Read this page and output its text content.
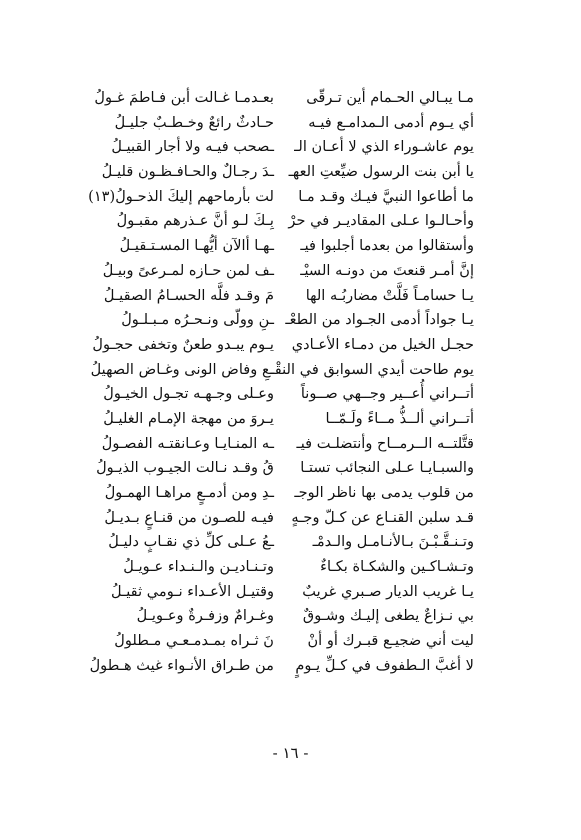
مـا يبـالي الحـمام أين تـرقّى
أي يـوم أدمى الـمدامـع فيـه
يوم عاشـوراء الذي لا أعـان الـ
يا أبن بنت الرسول ضيِّعتِ العهـ
ما أطاعوا النبيَّ فيـك وقـد مـا
وأحـالـوا عـلى المقاديـر في حرْ
وأستقالوا من بعدما أجلبوا فيـ
إنَّ أمـر قنعتَ من دونـه السيْـ
يـا حسامـاً فَلَّتْ مضاربُـه الها
يـا جواداً أدمى الجـواد من الطعْـ
حجـل الخيل من دمـاء الأعـادي
يوم طاحت أيدي السوابق في النقْـ
أتــراني أُعــير وجــهي صــوناً
أتــراني ألــذُّ مــاءً ولَـمّــا
قتَّلتــه الــرمــاح وأنتضلـت فيـ
والسبـايـا عـلى النجائب تستـا
من قلوب يدمى بها ناظر الوجـ
قـد سلبن القنـاع عن كـلّ وجـهٍ
وتـنـقَّـبْـنَ بـالأنـامـل والـدمْـ
وتـشـاكـين والشكـاة بكـاءٌ
يـا غريب الديار صـبري غريبٌ
بي نـزاعٌ يطغى إليـك وشـوقٌ
ليت أني ضجيـع قبـرك أو أنْ
لا أغبَّ الـطفوف في كـلِّ يـومٍ
بعـدمـا غـالت أبن فـاطمَ غـولُ
حـادثٌ رائعٌ وخـطـبٌ جليـلُ
ـصحب فيـه ولا أجار القبيـلُ
ـدَ رجـالٌ والحـافـظـون قليـلُ
لت بأرماحهم إليكَ الذحـولُ(١٣)
بِـكَ لـو أنَّ عـذرهم مقبـولُ
ـهـا أالآن أيُّهـا المسـتـقيـلُ
ـف لمن حـازه لمـرعىً وبيـلُ
مَ وقـد فلَّه الحسـامُ الصقيـلُ
ـنِ وولّى ونـحـرُه مـبـلـولُ
يـوم يبـدو طعنٌ وتخفى حجـولُ
ـعِ وفاض الونى وغـاض الصهيلُ
وعـلى وجـهـه تجـول الخيـولُ
يـروَ من مهجة الإمـام الغليـلُ
ـه المنـايـا وعـانقتـه الفصـولُ
قُ وقـد نـالت الجيـوب الذيـولُ
ـدِ ومن أدمـعٍ مراهـا الهمـولُ
فيـه للصـون من قنـاعٍ بـديـلُ
ـعُ عـلى كلِّ ذي نقـابٍ دليـلُ
وتـنـاديـن والـنـداء عـويـلُ
وقتيـل الأعـداء نـومي ثقيـلُ
وغـرامٌ وزفـرةٌ وعـويـلُ
نَ ثـراه بمـدمـعـي مـطلولُ
من طـراق الأنـواء غيث هـطولُ
- ١٦ -
